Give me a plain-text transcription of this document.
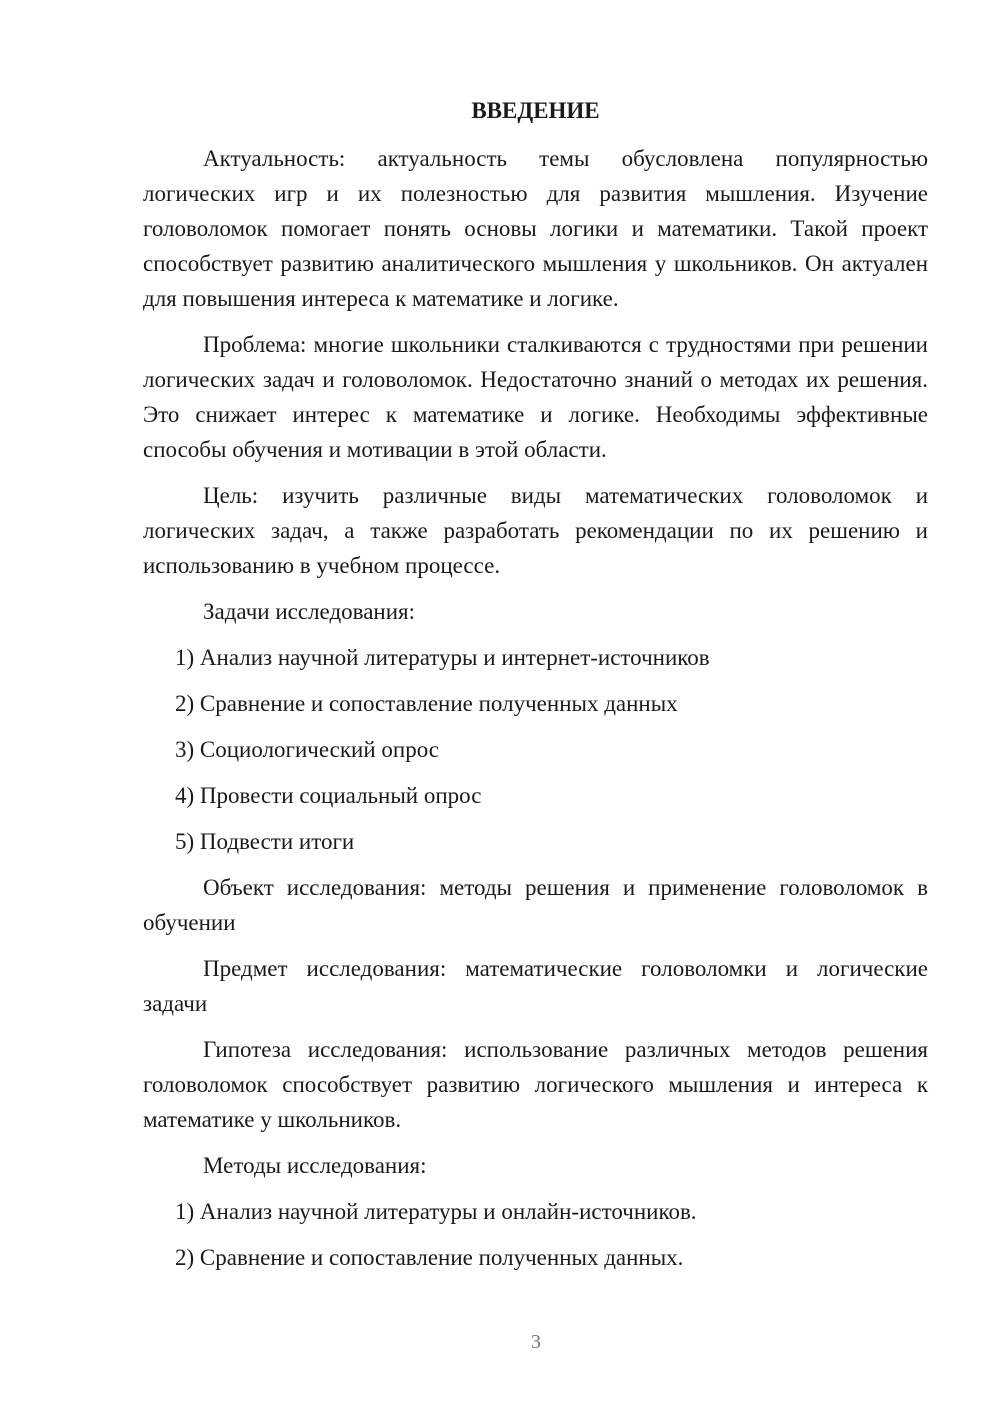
ВВЕДЕНИЕ

Актуальность: актуальность темы обусловлена популярностью логических игр и их полезностью для развития мышления. Изучение головоломок помогает понять основы логики и математики. Такой проект способствует развитию аналитического мышления у школьников. Он актуален для повышения интереса к математике и логике.

Проблема: многие школьники сталкиваются с трудностями при решении логических задач и головоломок. Недостаточно знаний о методах их решения. Это снижает интерес к математике и логике. Необходимы эффективные способы обучения и мотивации в этой области.

Цель: изучить различные виды математических головоломок и логических задач, а также разработать рекомендации по их решению и использованию в учебном процессе.

Задачи исследования:

1) Анализ научной литературы и интернет-источников
2) Сравнение и сопоставление полученных данных
3) Социологический опрос
4) Провести социальный опрос
5) Подвести итоги

Объект исследования: методы решения и применение головоломок в обучении

Предмет исследования: математические головоломки и логические задачи

Гипотеза исследования: использование различных методов решения головоломок способствует развитию логического мышления и интереса к математике у школьников.

Методы исследования:

1) Анализ научной литературы и онлайн-источников.
2) Сравнение и сопоставление полученных данных.
3
